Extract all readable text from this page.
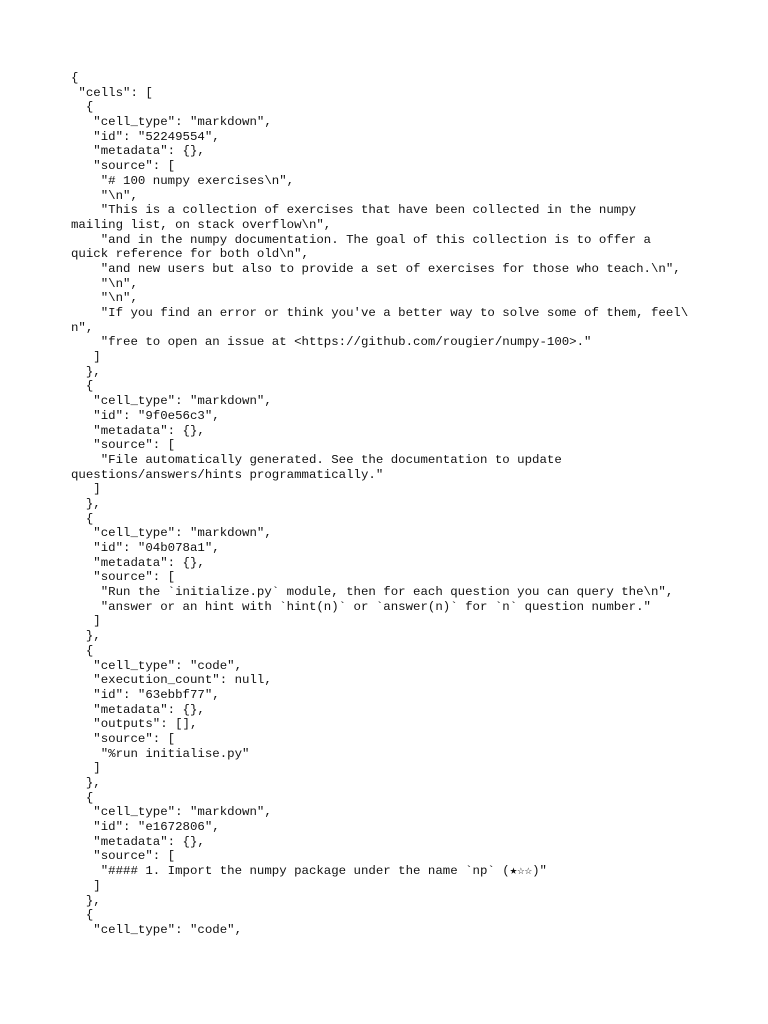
{
"cells": [
{
"cell_type": "markdown",
"id": "52249554",
"metadata": {},
"source": [
"# 100 numpy exercises\n",
"\n",
"This is a collection of exercises that have been collected in the numpy
mailing list, on stack overflow\n",
"and in the numpy documentation. The goal of this collection is to offer a
quick reference for both old\n",
"and new users but also to provide a set of exercises for those who teach.\n",
"\n",
"\n",
"If you find an error or think you've a better way to solve some of them, feel\
n",
"free to open an issue at <https://github.com/rougier/numpy-100>."
]
},
{
"cell_type": "markdown",
"id": "9f0e56c3",
"metadata": {},
"source": [
"File automatically generated. See the documentation to update
questions/answers/hints programmatically."
]
},
{
"cell_type": "markdown",
"id": "04b078a1",
"metadata": {},
"source": [
"Run the `initialize.py` module, then for each question you can query the\n",
"answer or an hint with `hint(n)` or `answer(n)` for `n` question number."
]
},
{
"cell_type": "code",
"execution_count": null,
"id": "63ebbf77",
"metadata": {},
"outputs": [],
"source": [
"%run initialise.py"
]
},
{
"cell_type": "markdown",
"id": "e1672806",
"metadata": {},
"source": [
"#### 1. Import the numpy package under the name `np` (★☆☆)"
]
},
{
"cell_type": "code",
